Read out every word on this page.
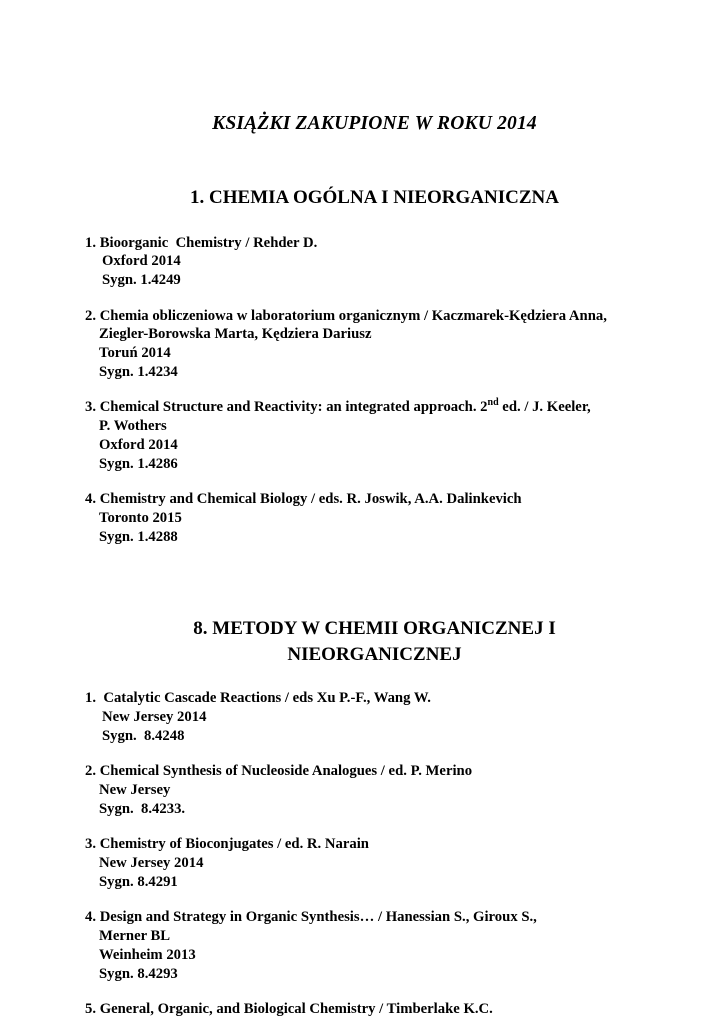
KSIĄŻKI ZAKUPIONE W ROKU 2014
1. CHEMIA OGÓLNA I NIEORGANICZNA
1. Bioorganic  Chemistry / Rehder D.
Oxford 2014
Sygn. 1.4249
2. Chemia obliczeniowa w laboratorium organicznym / Kaczmarek-Kędziera Anna,
Ziegler-Borowska Marta, Kędziera Dariusz
Toruń 2014
Sygn. 1.4234
3. Chemical Structure and Reactivity: an integrated approach. 2nd ed. / J. Keeler,
P. Wothers
Oxford 2014
Sygn. 1.4286
4. Chemistry and Chemical Biology / eds. R. Joswik, A.A. Dalinkevich
Toronto 2015
Sygn. 1.4288
8. METODY W CHEMII ORGANICZNEJ I NIEORGANICZNEJ
1.  Catalytic Cascade Reactions / eds Xu P.-F., Wang W.
New Jersey 2014
Sygn.  8.4248
2. Chemical Synthesis of Nucleoside Analogues / ed. P. Merino
New Jersey
Sygn.  8.4233.
3. Chemistry of Bioconjugates / ed. R. Narain
New Jersey 2014
Sygn. 8.4291
4. Design and Strategy in Organic Synthesis… / Hanessian S., Giroux S.,
Merner BL
Weinheim 2013
Sygn. 8.4293
5. General, Organic, and Biological Chemistry / Timberlake K.C.
